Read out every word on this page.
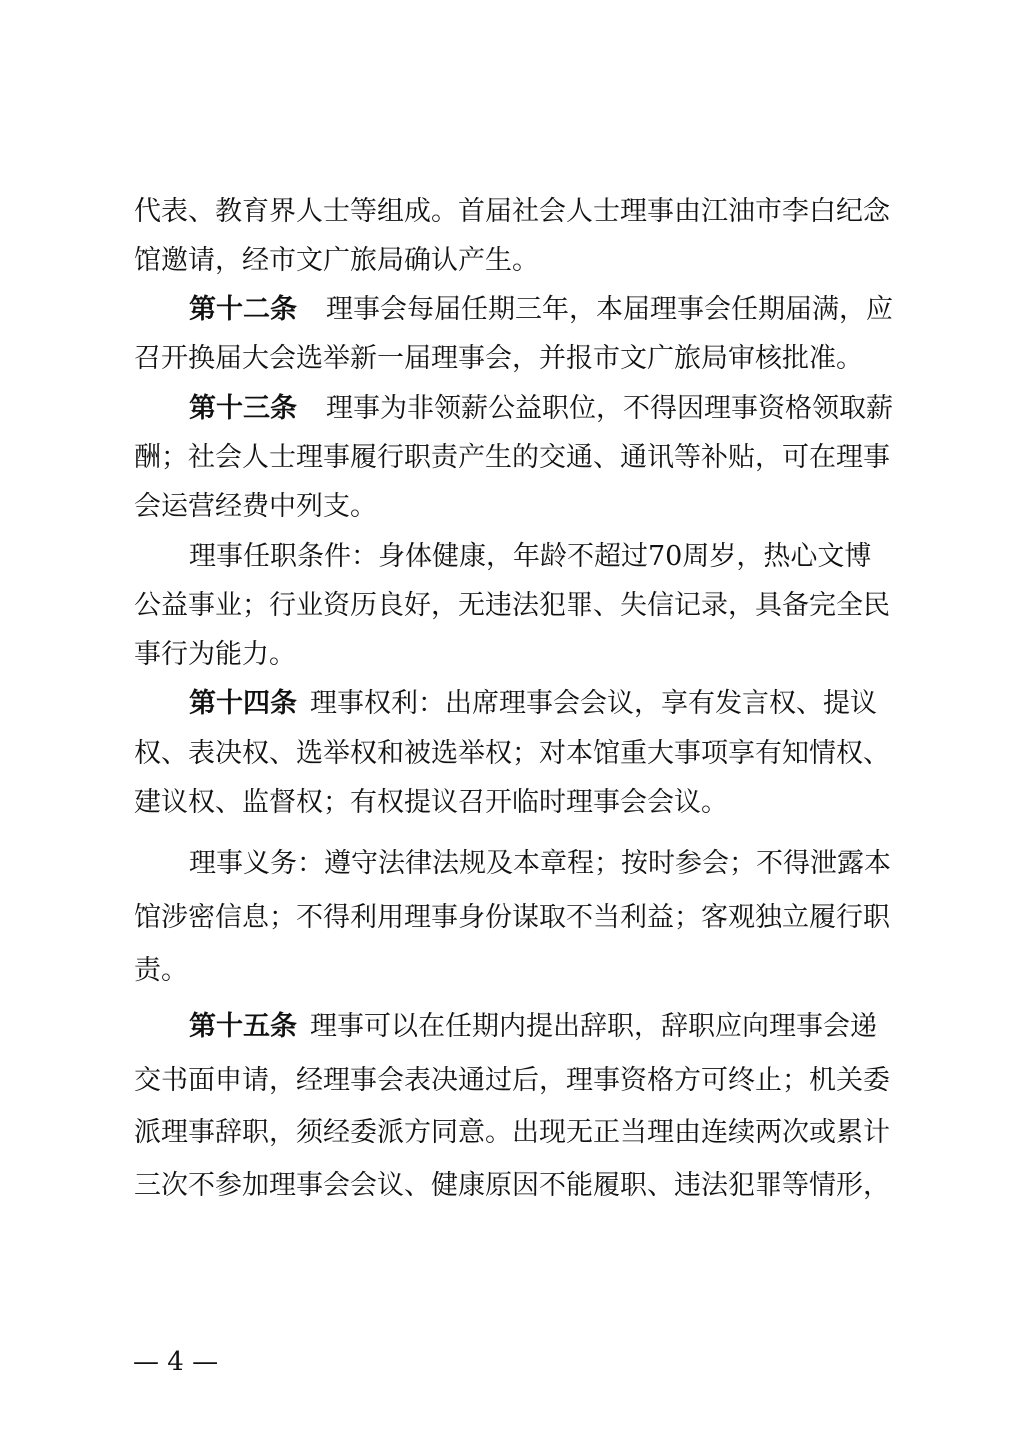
代表、教育界人士等组成。首届社会人士理事由江油市李白纪念
馆邀请，经市文广旅局确认产生。
第十二条 理事会每届任期三年，本届理事会任期届满，应
召开换届大会选举新一届理事会，并报市文广旅局审核批准。
第十三条 理事为非领薪公益职位，不得因理事资格领取薪
酬；社会人士理事履行职责产生的交通、通讯等补贴，可在理事
会运营经费中列支。
理事任职条件：身体健康，年龄不超过70周岁，热心文博
公益事业；行业资历良好，无违法犯罪、失信记录，具备完全民
事行为能力。
第十四条 理事权利：出席理事会会议，享有发言权、提议
权、表决权、选举权和被选举权；对本馆重大事项享有知情权、
建议权、监督权；有权提议召开临时理事会会议。
理事义务：遵守法律法规及本章程；按时参会；不得泄露本
馆涉密信息；不得利用理事身份谋取不当利益；客观独立履行职
责。
第十五条 理事可以在任期内提出辞职，辞职应向理事会递
交书面申请，经理事会表决通过后，理事资格方可终止；机关委
派理事辞职，须经委派方同意。出现无正当理由连续两次或累计
三次不参加理事会会议、健康原因不能履职、违法犯罪等情形，
— 4 —
